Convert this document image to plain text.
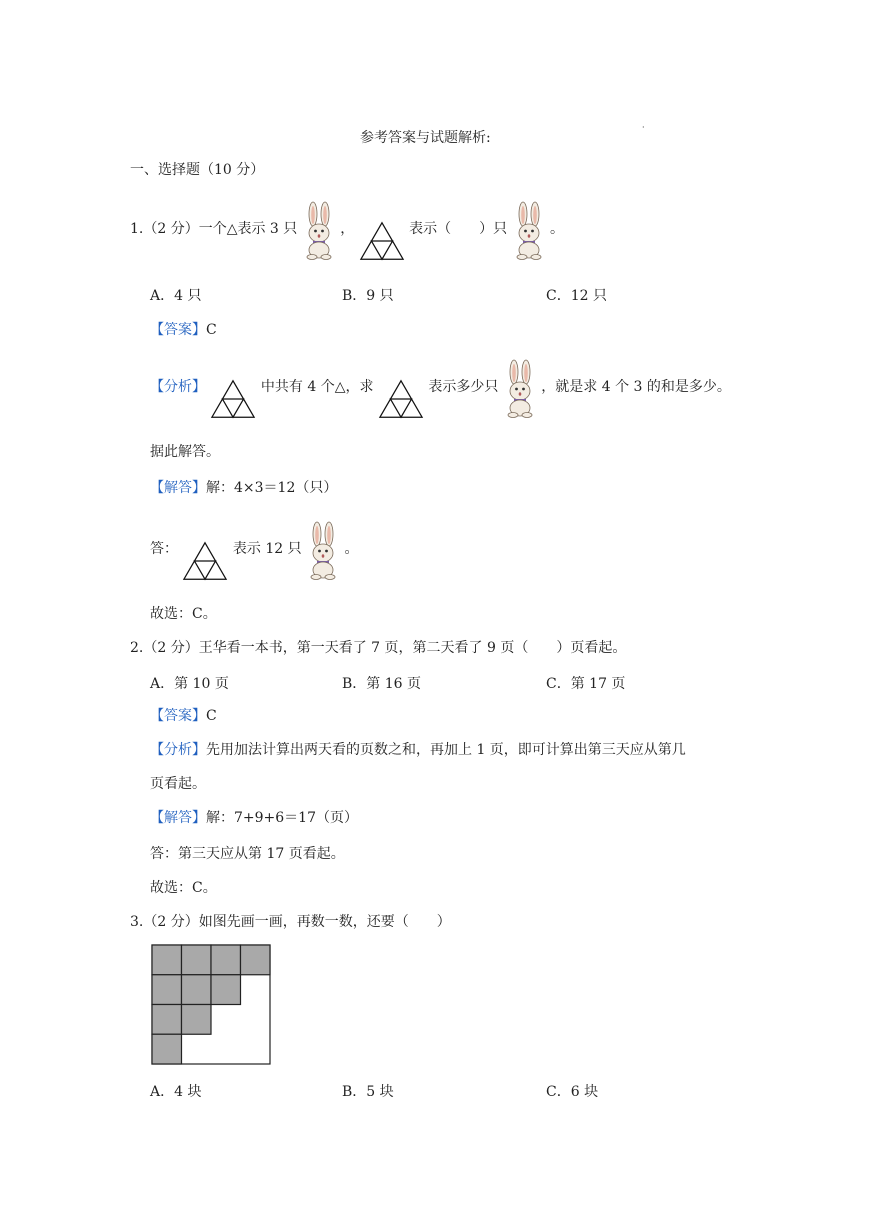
参考答案与试题解析:
·
一、选择题（10 分）
1.（2 分）一个△表示 3 只	，	表示（　　）只	。
A．4 只	B．9 只	C．12 只
【答案】C
【分析】	中共有 4 个△，求	表示多少只	，就是求 4 个 3 的和是多少。
据此解答。
【解答】解：4×3＝12（只）
答：	表示 12 只	。
故选：C。
2.（2 分）王华看一本书，第一天看了 7 页，第二天看了 9 页（　　）页看起。
A．第 10 页	B．第 16 页	C．第 17 页
【答案】C
【分析】先用加法计算出两天看的页数之和，再加上 1 页，即可计算出第三天应从第几
页看起。
【解答】解：7+9+6＝17（页）
答：第三天应从第 17 页看起。
故选：C。
3.（2 分）如图先画一画，再数一数，还要（　　）
A．4 块	B．5 块	C．6 块
